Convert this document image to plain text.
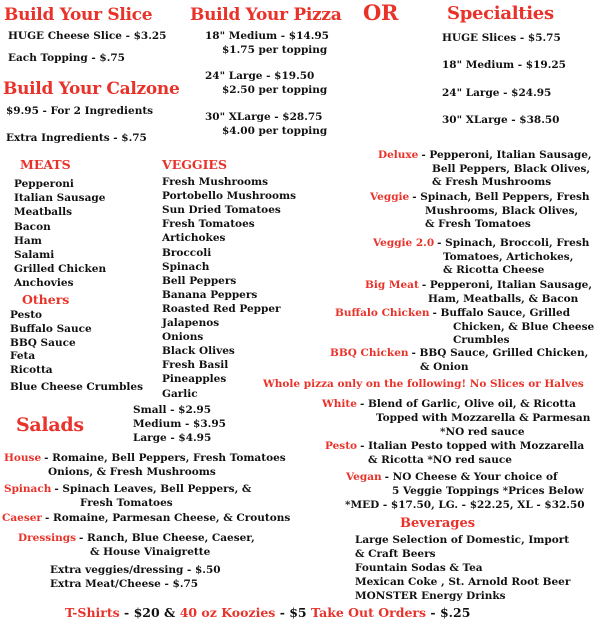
Build Your Slice
HUGE Cheese Slice - $3.25
Each Topping - $.75
Build Your Calzone
$9.95 - For 2 Ingredients
Extra Ingredients - $.75
MEATS
Pepperoni
Italian Sausage
Meatballs
Bacon
Ham
Salami
Grilled Chicken
Anchovies
Others
Pesto
Buffalo Sauce
BBQ Sauce
Feta
Ricotta
Blue Cheese Crumbles
Build Your Pizza
18" Medium - $14.95
$1.75 per topping
24" Large - $19.50
$2.50 per topping
30" XLarge - $28.75
$4.00 per topping
VEGGIES
Fresh Mushrooms
Portobello Mushrooms
Sun Dried Tomatoes
Fresh Tomatoes
Artichokes
Broccoli
Spinach
Bell Peppers
Banana Peppers
Roasted Red Pepper
Jalapenos
Onions
Black Olives
Fresh Basil
Pineapples
Garlic
OR	Specialties
HUGE Slices - $5.75
18" Medium - $19.25
24" Large - $24.95
30" XLarge - $38.50
Deluxe - Pepperoni, Italian Sausage,
Bell Peppers, Black Olives,
& Fresh Mushrooms
Veggie - Spinach, Bell Peppers, Fresh
Mushrooms, Black Olives,
& Fresh Tomatoes
Veggie 2.0 - Spinach, Broccoli, Fresh
Tomatoes, Artichokes,
& Ricotta Cheese
Big Meat - Pepperoni, Italian Sausage,
Ham, Meatballs, & Bacon
Buffalo Chicken - Buffalo Sauce, Grilled
Chicken, & Blue Cheese
Crumbles
BBQ Chicken - BBQ Sauce, Grilled Chicken,
& Onion
Whole pizza only on the following! No Slices or Halves
White - Blend of Garlic, Olive oil, & Ricotta
Topped with Mozzarella & Parmesan
*NO red sauce
Pesto - Italian Pesto topped with Mozzarella
& Ricotta *NO red sauce
Vegan - NO Cheese & Your choice of
5 Veggie Toppings *Prices Below
*MED - $17.50, LG. - $22.25, XL - $32.50
Beverages
Large Selection of Domestic, Import
& Craft Beers
Fountain Sodas & Tea
Mexican Coke , St. Arnold Root Beer
MONSTER Energy Drinks
Salads
Small - $2.95
Medium - $3.95
Large - $4.95
House - Romaine, Bell Peppers, Fresh Tomatoes
Onions, & Fresh Mushrooms
Spinach - Spinach Leaves, Bell Peppers, &
Fresh Tomatoes
Caeser - Romaine, Parmesan Cheese, & Croutons
Dressings - Ranch, Blue Cheese, Caeser,
& House Vinaigrette
Extra veggies/dressing - $.50
Extra Meat/Cheese - $.75
T-Shirts - $20 & 40 oz Koozies - $5 Take Out Orders - $.25
